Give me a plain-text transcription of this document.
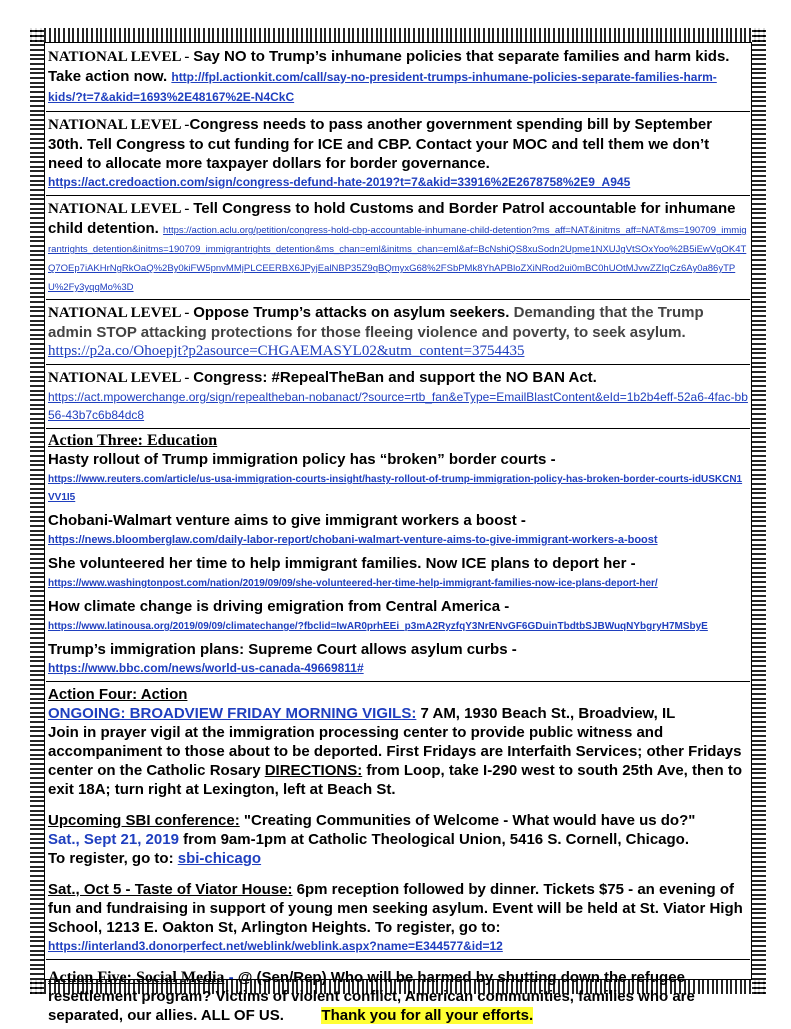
NATIONAL LEVEL - Say NO to Trump’s inhumane policies that separate families and harm kids. Take action now. http://fpl.actionkit.com/call/say-no-president-trumps-inhumane-policies-separate-families-harm-kids/?t=7&akid=1693%2E48167%2E-N4CkC

NATIONAL LEVEL -Congress needs to pass another government spending bill by September 30th. Tell Congress to cut funding for ICE and CBP. Contact your MOC and tell them we don’t need to allocate more taxpayer dollars for border governance.

https://act.credoaction.com/sign/congress-defund-hate-2019?t=7&akid=33916%2E2678758%2E9_A945

NATIONAL LEVEL - Tell Congress to hold Customs and Border Patrol accountable for inhumane child detention. https://action.aclu.org/petition/congress-hold-cbp-accountable-inhumane-child-detention?ms_aff=NAT&initms_aff=NAT&ms=190709_immigrantrights_detention&initms=190709_immigrantrights_detention&ms_chan=eml&initms_chan=eml&af=BcNshiQS8xuSodn2Upme1NXUJgVtSOxYoo%2B5iEwVgOK4TQ7OEp7iAKHrNgRkOaQ%2By0kiFW5pnvMMjPLCEERBX6JPyjEalNBP35Z9qBQmyxG68%2FSbPMk8YhAPBloZXiNRod2ui0mBC0hUOtMJvwZZIqCz6Ay0a86yTPU%2Fy3yqqMo%3D

NATIONAL LEVEL - Oppose Trump’s attacks on asylum seekers. Demanding that the Trump admin STOP attacking protections for those fleeing violence and poverty, to seek asylum.

https://p2a.co/Ohoepjt?p2asource=CHGAEMASYL02&utm_content=3754435

NATIONAL LEVEL - Congress: #RepealTheBan and support the NO BAN Act.

https://act.mpowerchange.org/sign/repealtheban-nobanact/?source=rtb_fan&eType=EmailBlastContent&eId=1b2b4eff-52a6-4fac-bb56-43b7c6b84dc8

Action Three: Education

Hasty rollout of Trump immigration policy has “broken” border courts -

https://www.reuters.com/article/us-usa-immigration-courts-insight/hasty-rollout-of-trump-immigration-policy-has-broken-border-courts-idUSKCN1VV1I5

Chobani-Walmart venture aims to give immigrant workers a boost -

https://news.bloomberglaw.com/daily-labor-report/chobani-walmart-venture-aims-to-give-immigrant-workers-a-boost

She volunteered her time to help immigrant families. Now ICE plans to deport her -

https://www.washingtonpost.com/nation/2019/09/09/she-volunteered-her-time-help-immigrant-families-now-ice-plans-deport-her/

How climate change is driving emigration from Central America -

https://www.latinousa.org/2019/09/09/climatechange/?fbclid=IwAR0prhEEi_p3mA2RyzfqY3NrENvGF6GDuinTbdtbSJBWuqNYbgryH7MSbyE

Trump’s immigration plans: Supreme Court allows asylum curbs -

https://www.bbc.com/news/world-us-canada-49669811#

Action Four: Action

ONGOING: BROADVIEW FRIDAY MORNING VIGILS: 7 AM, 1930 Beach St., Broadview, IL

Join in prayer vigil at the immigration processing center to provide public witness and accompaniment to those about to be deported. First Fridays are Interfaith Services; other Fridays center on the Catholic Rosary DIRECTIONS: from Loop, take I-290 west to south 25th Ave, then to exit 18A; turn right at Lexington, left at Beach St.

Upcoming SBI conference: "Creating Communities of Welcome - What would have us do?"

Sat., Sept 21, 2019 from 9am-1pm at Catholic Theological Union, 5416 S. Cornell, Chicago.

To register, go to: sbi-chicago

Sat., Oct 5 - Taste of Viator House: 6pm reception followed by dinner. Tickets $75 - an evening of fun and fundraising in support of young men seeking asylum. Event will be held at St. Viator High School, 1213 E. Oakton St, Arlington Heights. To register, go to:

https://interland3.donorperfect.net/weblink/weblink.aspx?name=E344577&id=12

Action Five: Social Media - @ (Sen/Rep) Who will be harmed by shutting down the refugee resettlement program? Victims of violent conflict, American communities, families who are separated, our allies. ALL OF US.	Thank you for all your efforts.
